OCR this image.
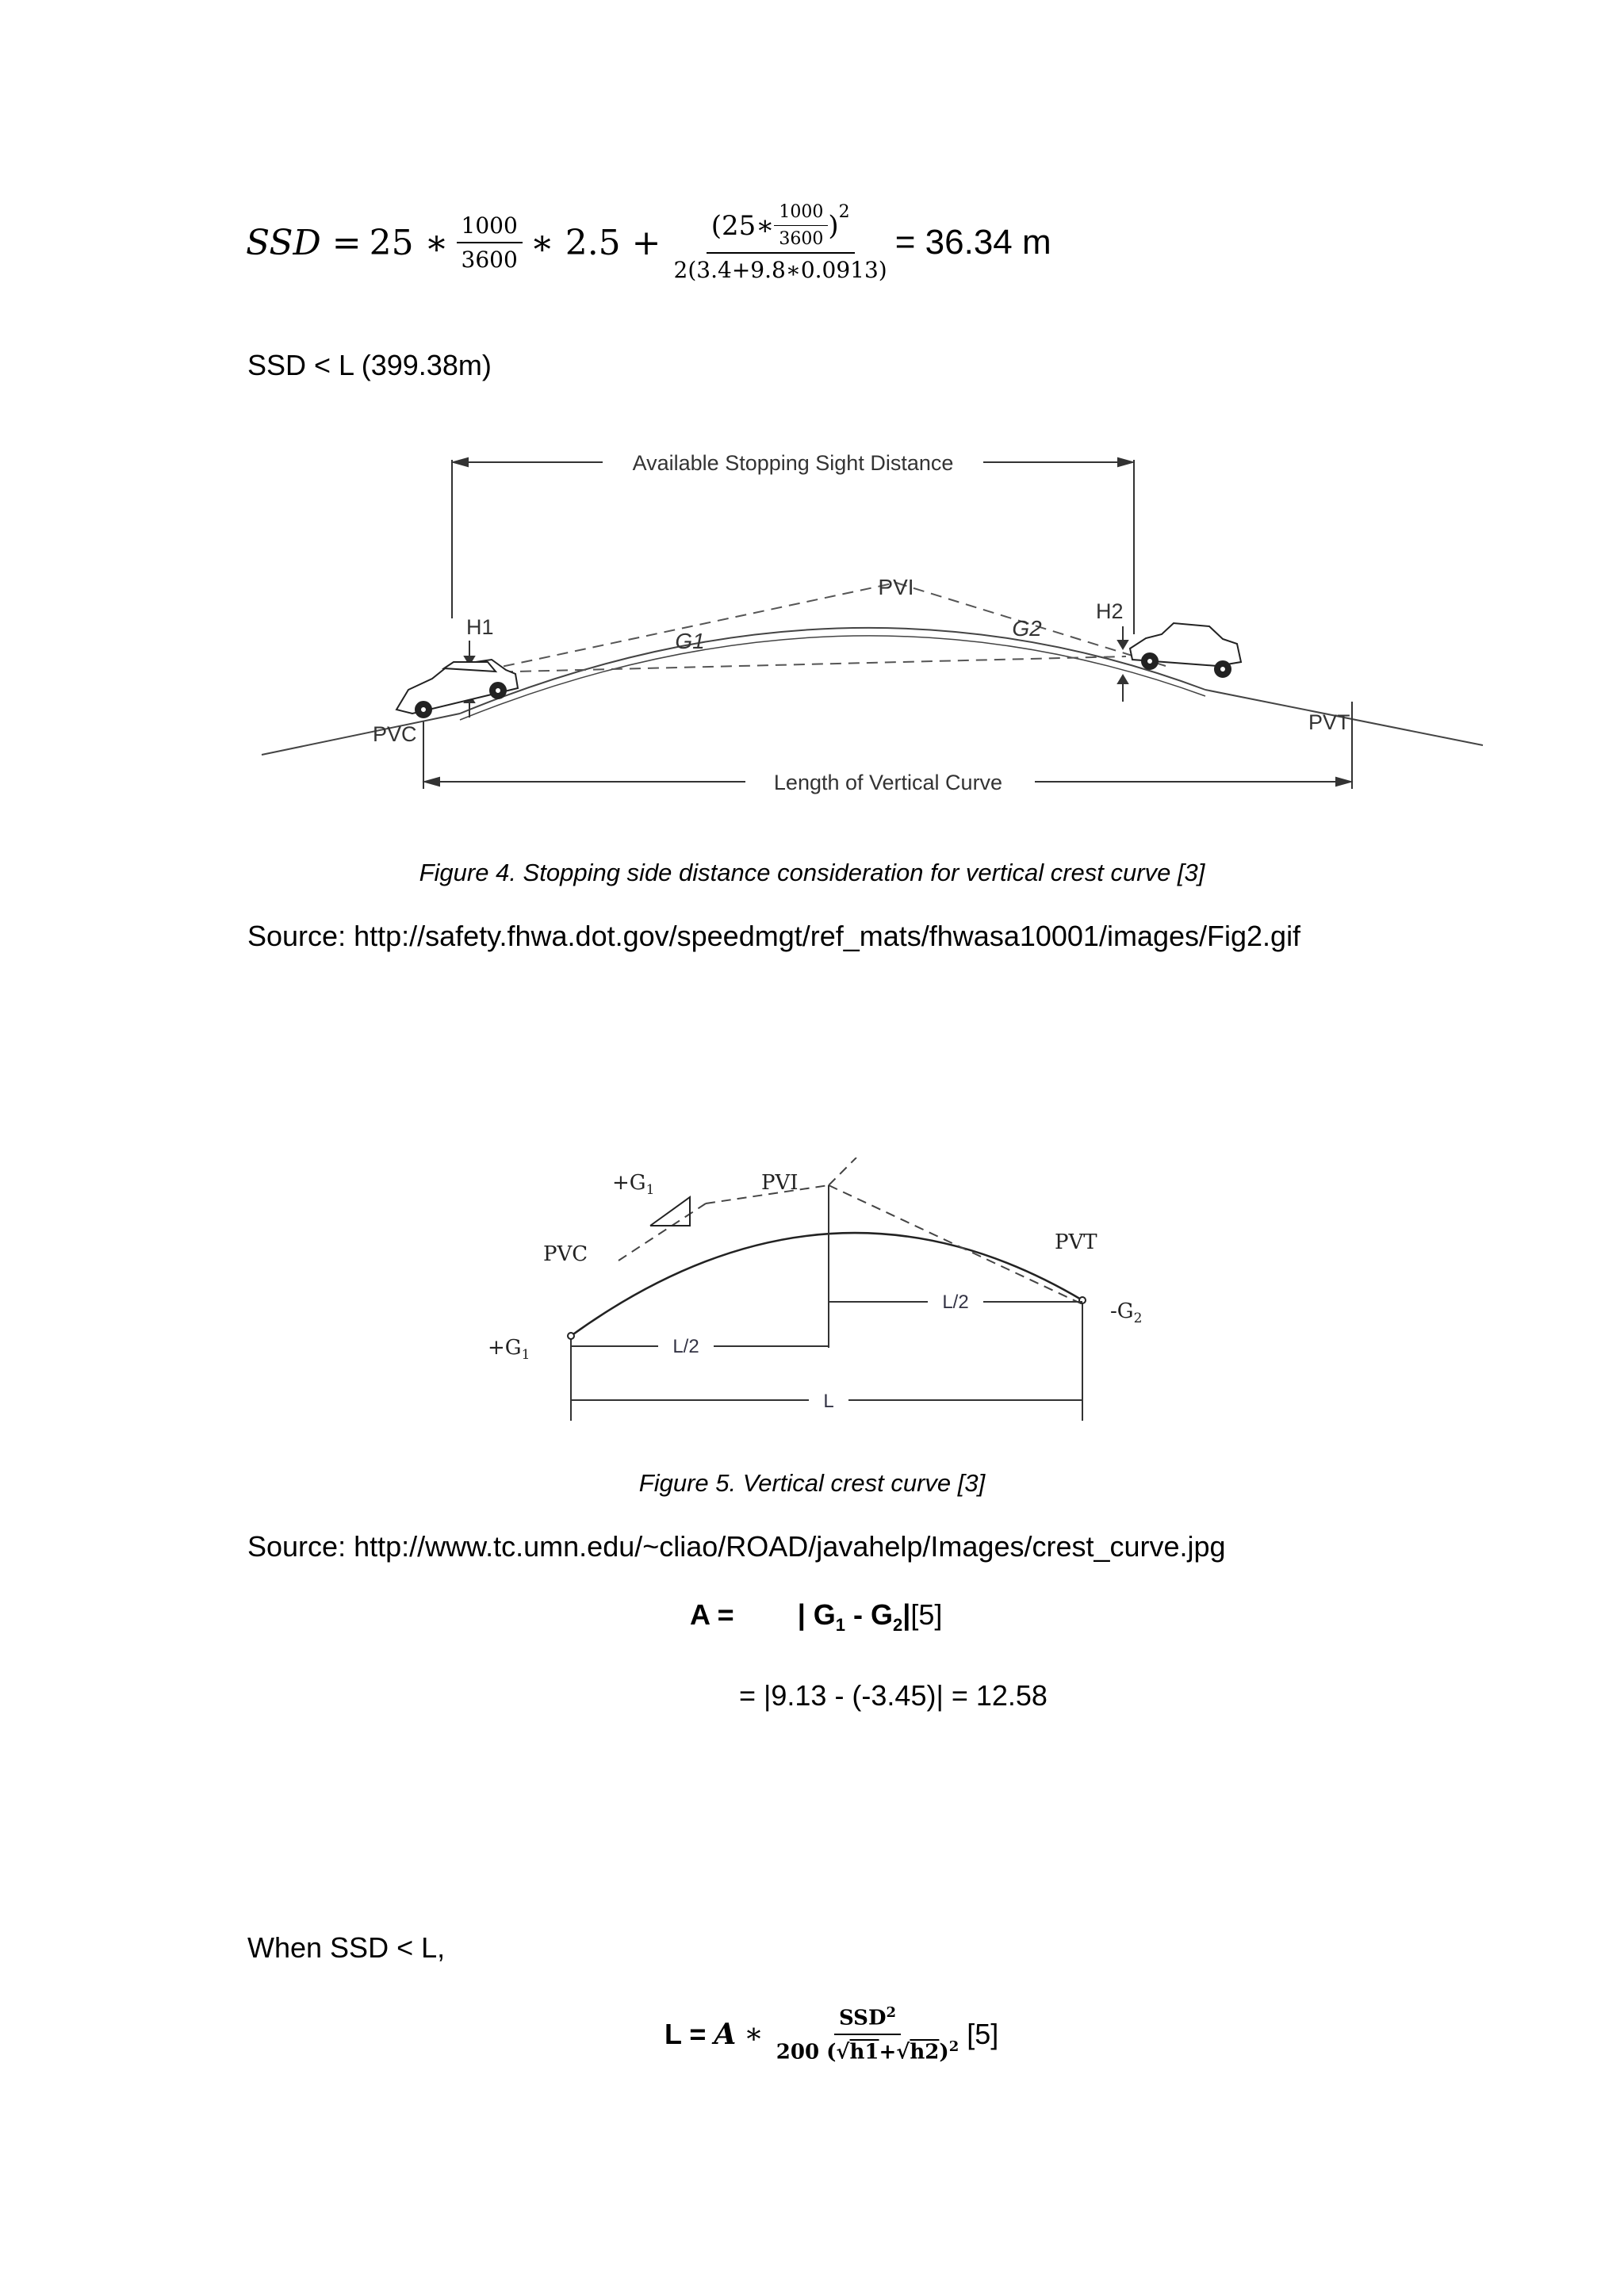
SSD = 25 ∗ $\frac{1000}{3600}$ ∗ $2.5 + \frac{(25∗ \frac{1000}{3600} )^2}{2(3.4+9.8∗0.0913)} = 36.34$ m
SSD < L (399.38m)
Available Stopping Sight Distance
PVI
G1
G2
H1
H2
PVC	PVT
Length of Vertical Curve
Figure 4. Stopping side distance consideration for vertical crest curve [3]
Source: http://safety.fhwa.dot.gov/speedmgt/ref_mats/fhwasa10001/images/Fig2.gif
L/2
L/2
L
$+G_1$	PVI
PVC	PVT
$+G_1$
$-G_2$
Figure 5. Vertical crest curve [3]
Source: http://www.tc.umn.edu/~cliao/ROAD/javahelp/Images/crest_curve.jpg
A = | $G_1 - G_2|$ [5]
= |9.13 - (-3.45)| = 12.58
When SSD < L,
L = A ∗ $\frac{SSD^2}{200 (√h1+√h2)^2} [5]$
